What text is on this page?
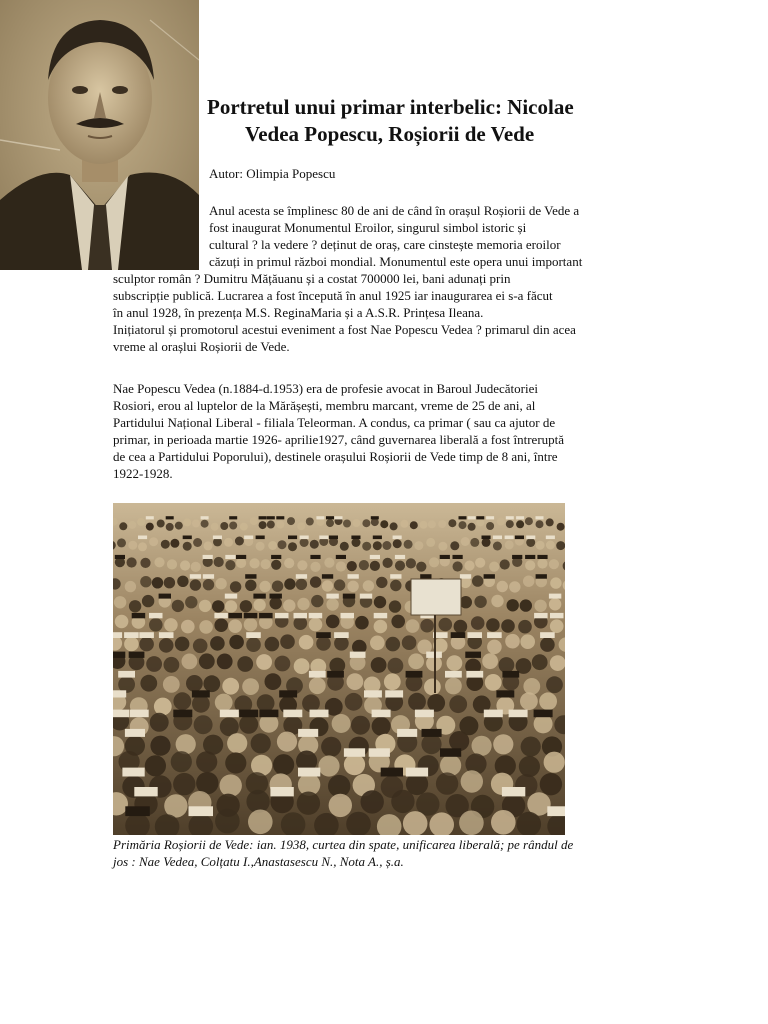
Portretul unui primar interbelic: Nicolae
Vedea Popescu, Roșiorii de Vede
Autor: Olimpia Popescu
Anul acesta se împlinesc 80 de ani de când în orașul Roșiorii de Vede a
fost inaugurat Monumentul Eroilor, singurul simbol istoric și
cultural ? la vedere ? deținut de oraș, care cinstește memoria eroilor
căzuți in primul război mondial. Monumentul este opera unui important
sculptor român ? Dumitru Mățăuanu și a costat 700000 lei, bani adunați prin
subscripție publică. Lucrarea a fost începută în anul 1925 iar inaugurarea ei s-a făcut
în anul 1928, în prezența M.S. ReginaMaria și a A.S.R. Prințesa Ileana.
Inițiatorul și promotorul acestui eveniment a fost Nae Popescu Vedea ? primarul din acea
vreme al orașlui Roșiorii de Vede.
Nae Popescu Vedea (n.1884-d.1953) era de profesie avocat in Baroul Judecătoriei
Rosiori, erou al luptelor de la Mărășești, membru marcant, vreme de 25 de ani, al
Partidului Național Liberal - filiala Teleorman. A condus, ca primar ( sau ca ajutor de
primar, in perioada martie 1926- aprilie1927, când guvernarea liberală a fost întreruptă
de cea a Partidului Poporului), destinele orașului Roșiorii de Vede timp de 8 ani, între
1922-1928.
Primăria Roșiorii de Vede: ian. 1938, curtea din spate, unificarea liberală; pe rândul de
jos : Nae Vedea, Colțatu I.,Anastasescu N., Nota A., ș.a.
